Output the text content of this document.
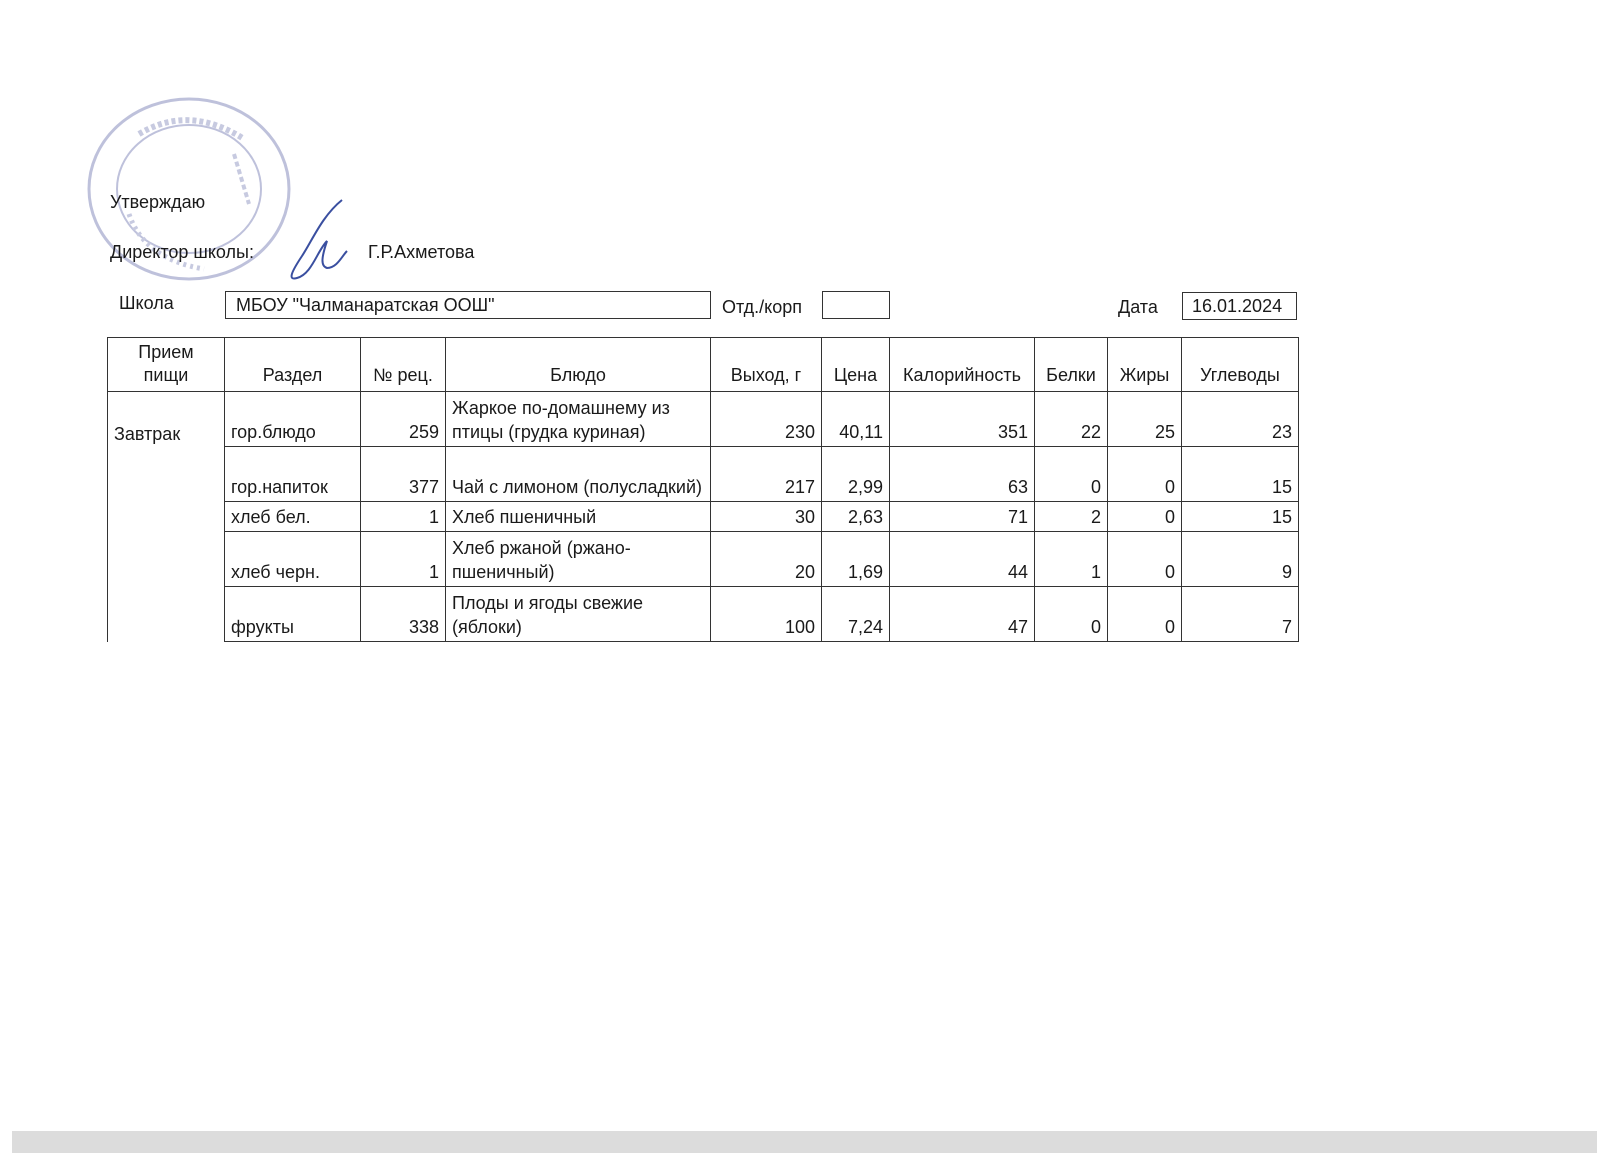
Утверждаю
Директор школы:	Г.Р.Ахметова
Школа	МБОУ "Чалманаратская ООШ"	Отд./корп	Дата	16.01.2024
Прием пищи	Раздел	№ рец.	Блюдо	Выход, г	Цена	Калорийность	Белки	Жиры	Углеводы
Завтрак	гор.блюдо	259	Жаркое по-домашнему из птицы (грудка куриная)	230	40,11	351	22	25	23
	гор.напиток	377	Чай с лимоном (полусладкий)	217	2,99	63	0	0	15
	хлеб бел.	1	Хлеб пшеничный	30	2,63	71	2	0	15
	хлеб черн.	1	Хлеб ржаной (ржано-пшеничный)	20	1,69	44	1	0	9
	фрукты	338	Плоды и ягоды свежие (яблоки)	100	7,24	47	0	0	7
